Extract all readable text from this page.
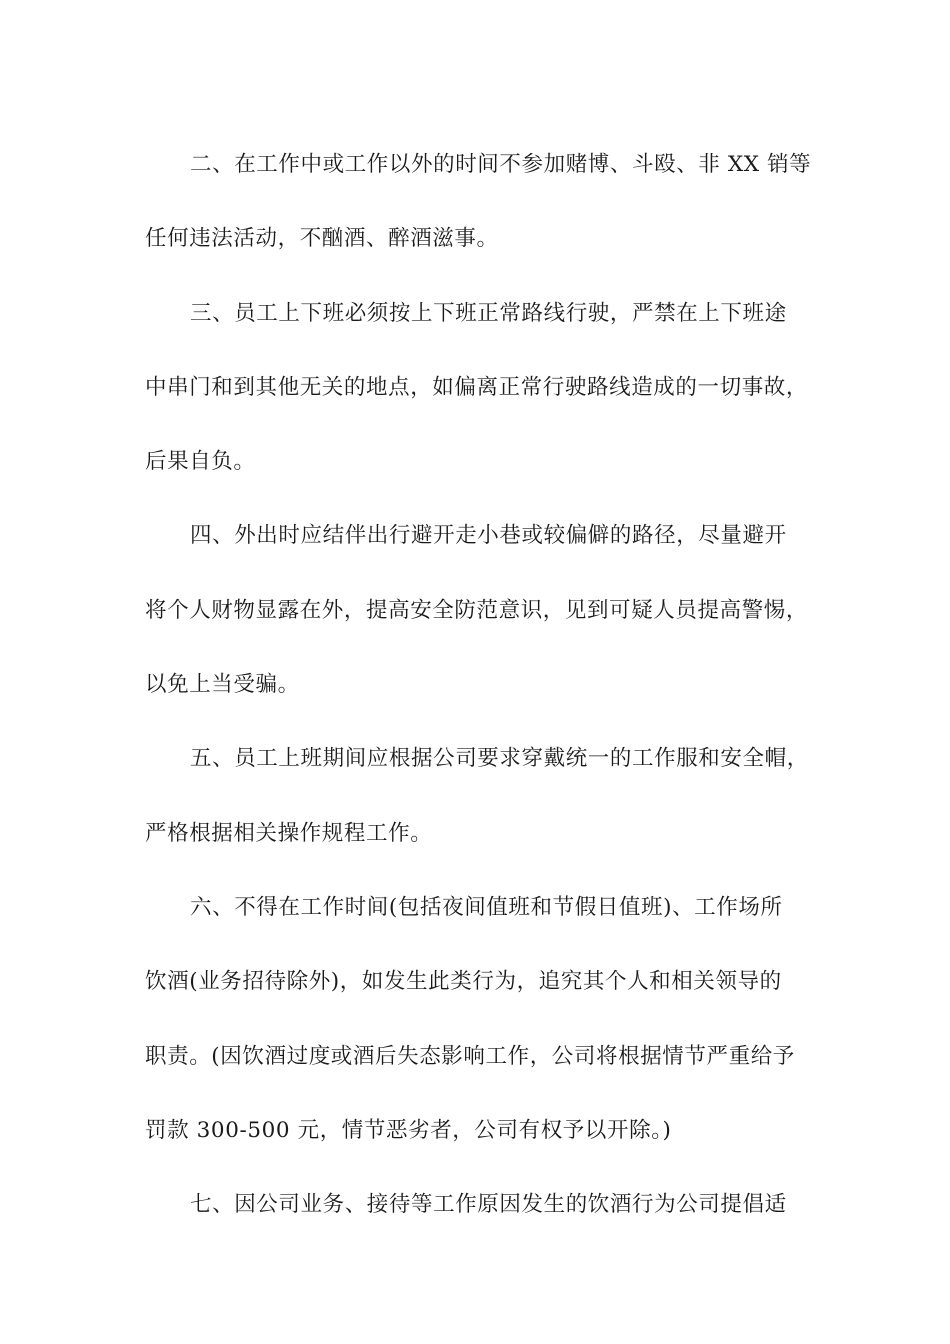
二、在工作中或工作以外的时间不参加赌博、斗殴、非 XX 销等
任何违法活动，不酗酒、醉酒滋事。
三、员工上下班必须按上下班正常路线行驶，严禁在上下班途
中串门和到其他无关的地点，如偏离正常行驶路线造成的一切事故，
后果自负。
四、外出时应结伴出行避开走小巷或较偏僻的路径，尽量避开
将个人财物显露在外，提高安全防范意识，见到可疑人员提高警惕，
以免上当受骗。
五、员工上班期间应根据公司要求穿戴统一的工作服和安全帽，
严格根据相关操作规程工作。
六、不得在工作时间(包括夜间值班和节假日值班)、工作场所
饮酒(业务招待除外)，如发生此类行为，追究其个人和相关领导的
职责。(因饮酒过度或酒后失态影响工作，公司将根据情节严重给予
罚款 300-500 元，情节恶劣者，公司有权予以开除。)
七、因公司业务、接待等工作原因发生的饮酒行为公司提倡适
